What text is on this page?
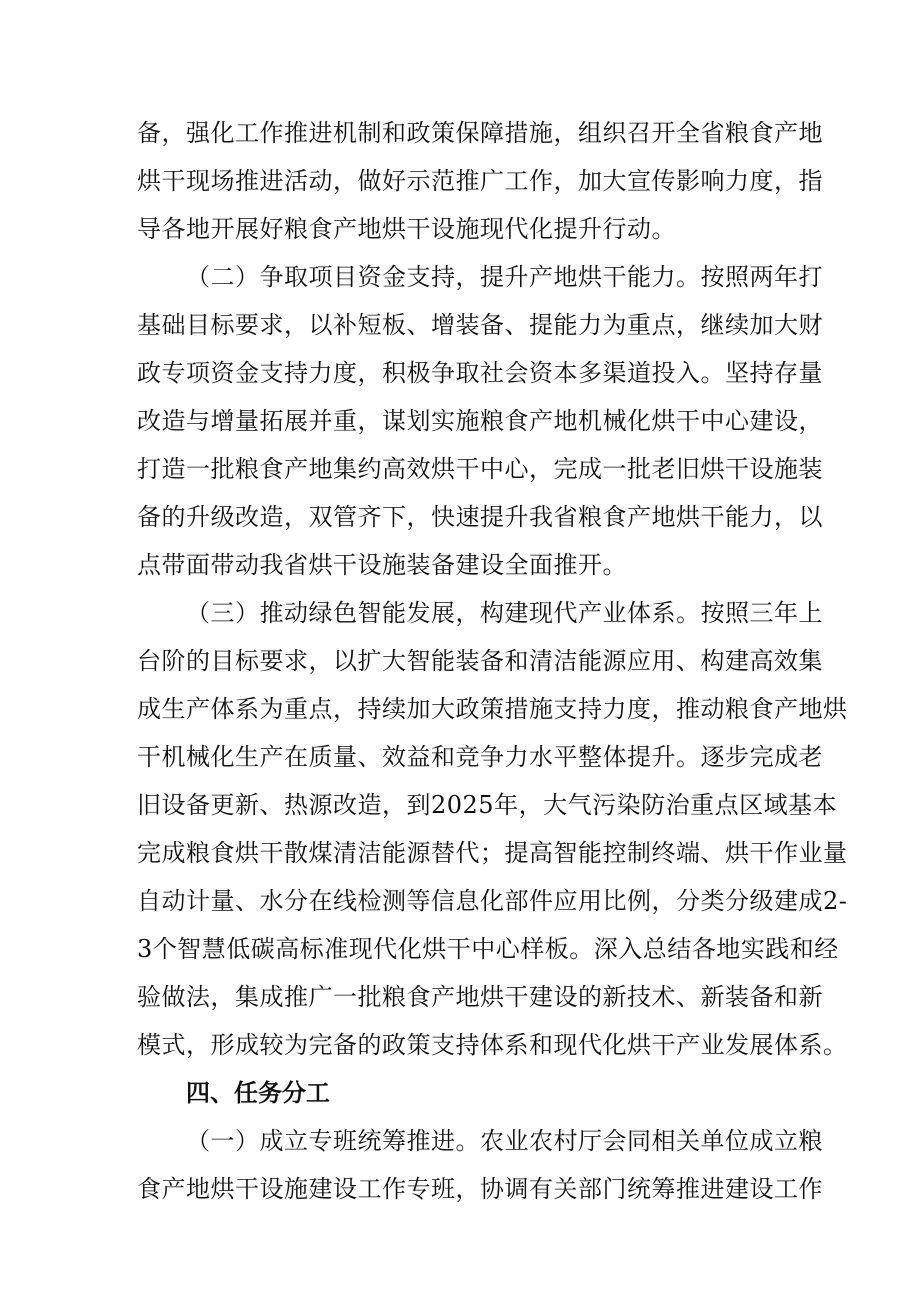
备，强化工作推进机制和政策保障措施，组织召开全省粮食产地
烘干现场推进活动，做好示范推广工作，加大宣传影响力度，指
导各地开展好粮食产地烘干设施现代化提升行动。
（二）争取项目资金支持，提升产地烘干能力。按照两年打
基础目标要求，以补短板、增装备、提能力为重点，继续加大财
政专项资金支持力度，积极争取社会资本多渠道投入。坚持存量
改造与增量拓展并重，谋划实施粮食产地机械化烘干中心建设，
打造一批粮食产地集约高效烘干中心，完成一批老旧烘干设施装
备的升级改造，双管齐下，快速提升我省粮食产地烘干能力，以
点带面带动我省烘干设施装备建设全面推开。
（三）推动绿色智能发展，构建现代产业体系。按照三年上
台阶的目标要求，以扩大智能装备和清洁能源应用、构建高效集
成生产体系为重点，持续加大政策措施支持力度，推动粮食产地烘
干机械化生产在质量、效益和竞争力水平整体提升。逐步完成老
旧设备更新、热源改造，到2025年，大气污染防治重点区域基本
完成粮食烘干散煤清洁能源替代；提高智能控制终端、烘干作业量
自动计量、水分在线检测等信息化部件应用比例，分类分级建成2-
3个智慧低碳高标准现代化烘干中心样板。深入总结各地实践和经
验做法，集成推广一批粮食产地烘干建设的新技术、新装备和新
模式，形成较为完备的政策支持体系和现代化烘干产业发展体系。
四、任务分工
（一）成立专班统筹推进。农业农村厅会同相关单位成立粮
食产地烘干设施建设工作专班，协调有关部门统筹推进建设工作
